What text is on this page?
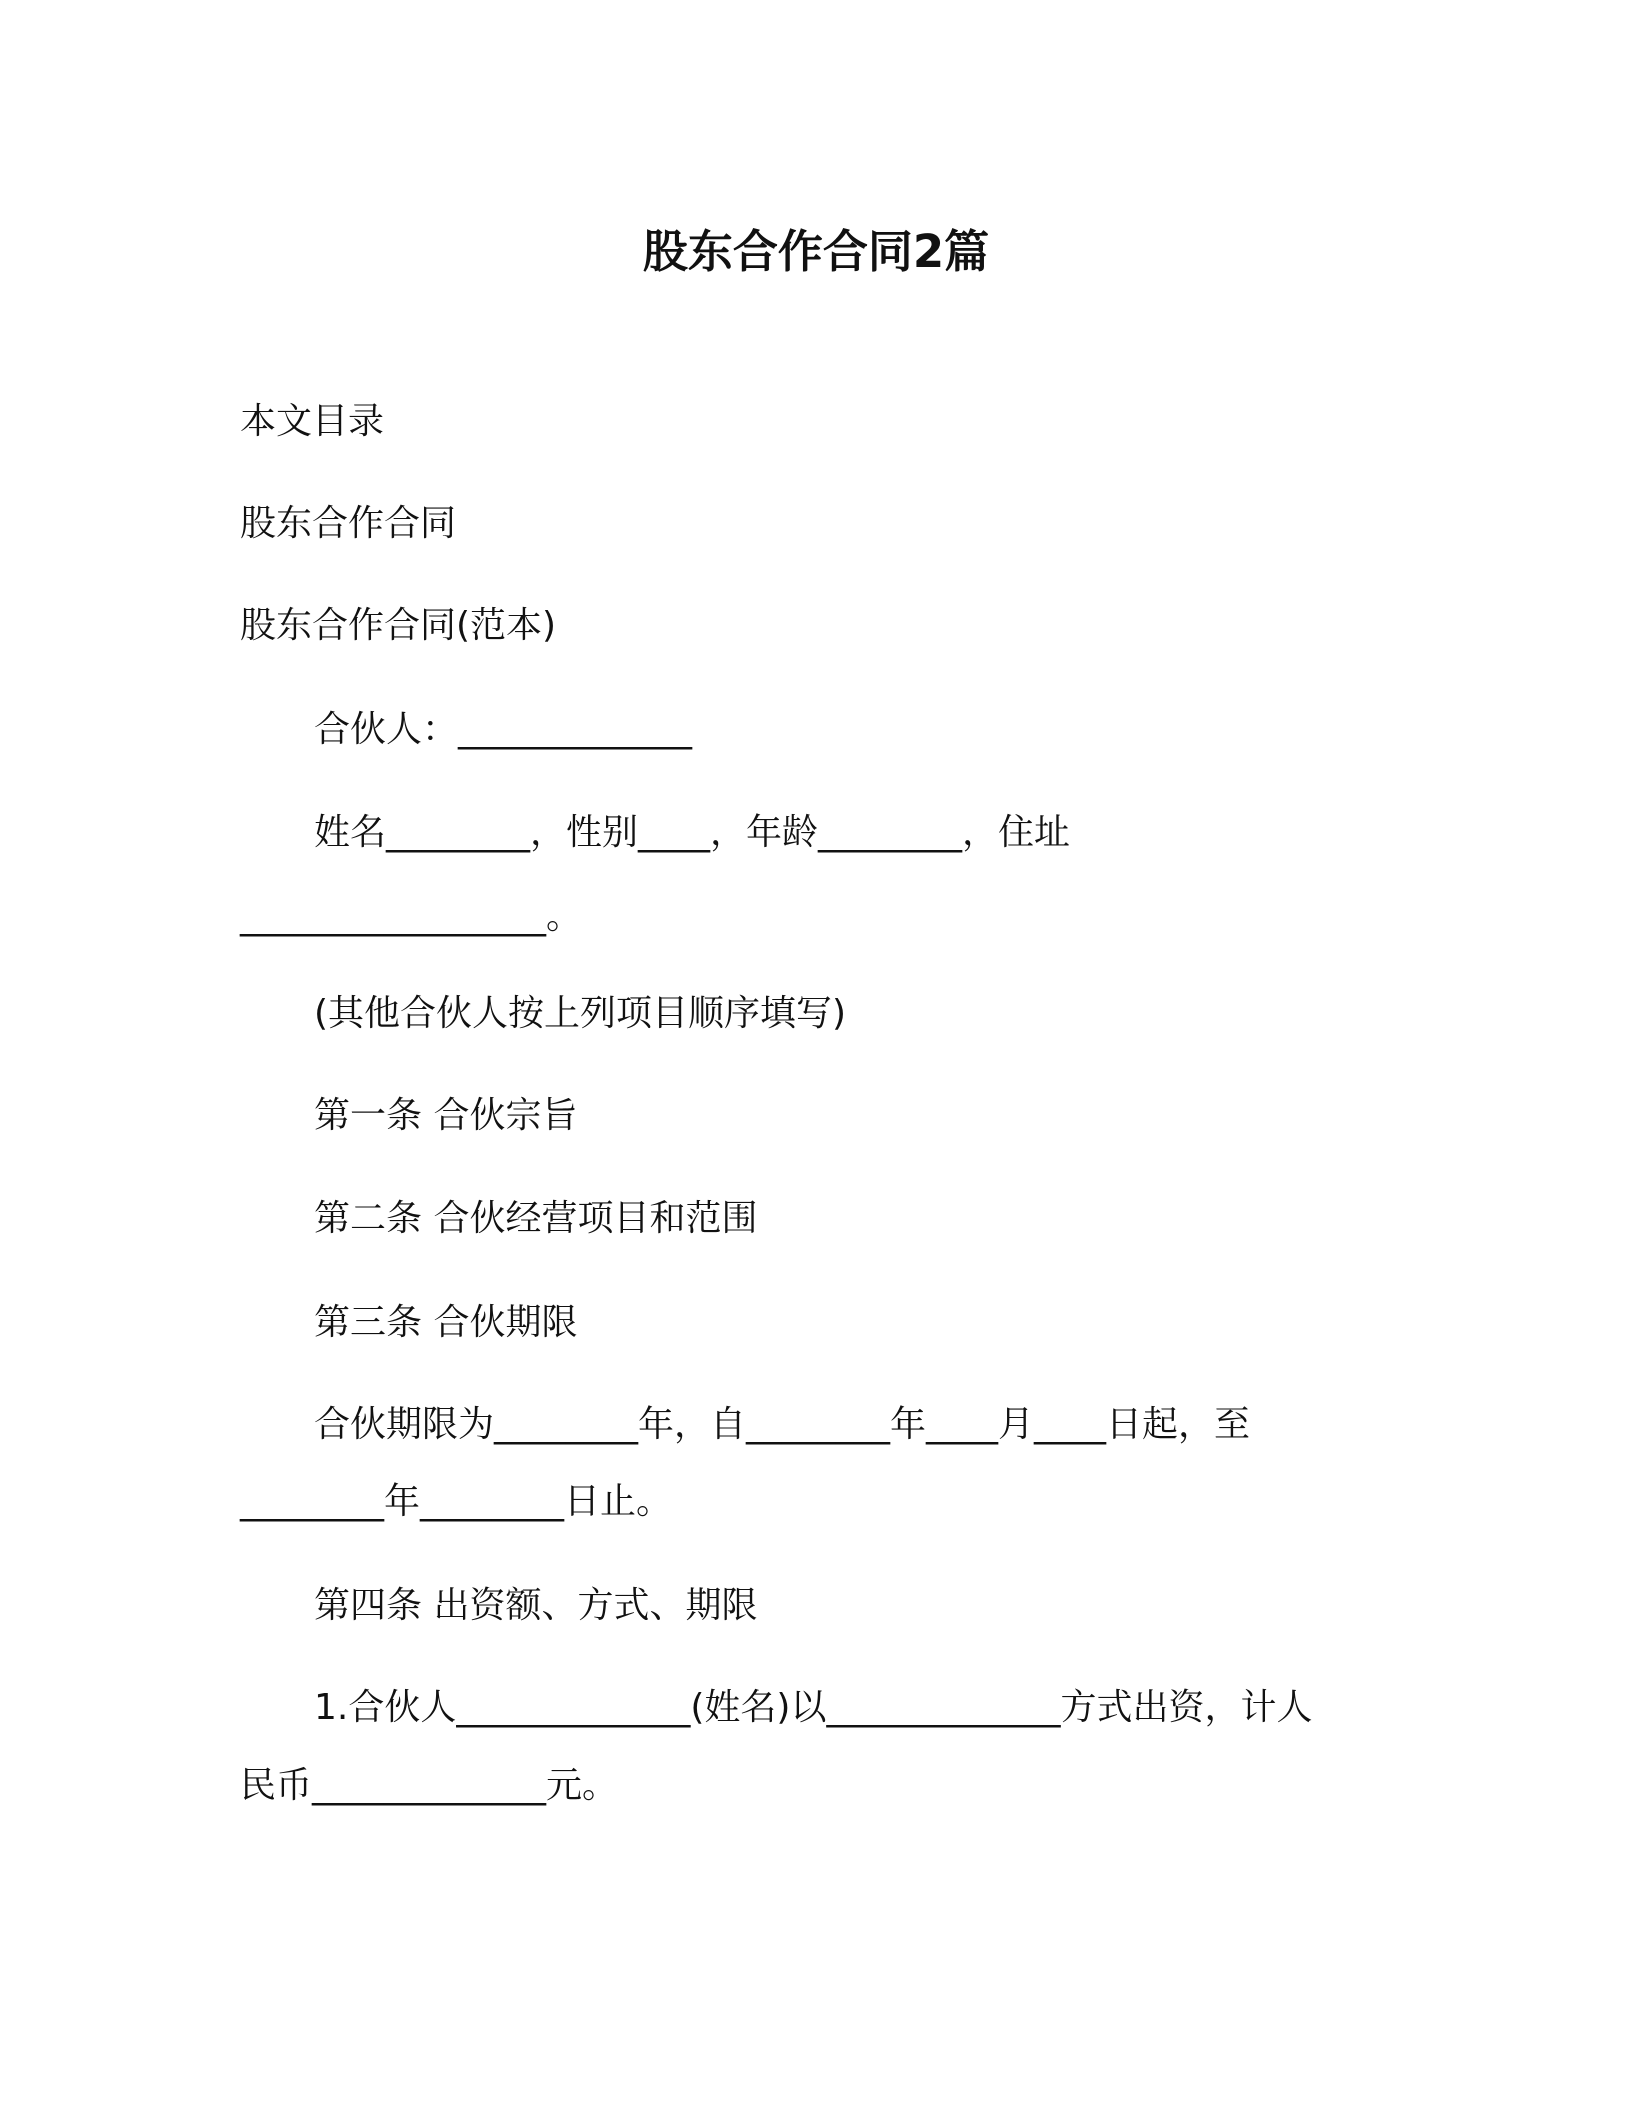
股东合作合同2篇
本文目录
股东合作合同
股东合作合同(范本)
合伙人：_____________
姓名________，性别____，年龄________，住址
_________________。
(其他合伙人按上列项目顺序填写)
第一条 合伙宗旨
第二条 合伙经营项目和范围
第三条 合伙期限
合伙期限为________年，自________年____月____日起，至
________年________日止。
第四条 出资额、方式、期限
1.合伙人_____________(姓名)以_____________方式出资，计人
民币_____________元。
